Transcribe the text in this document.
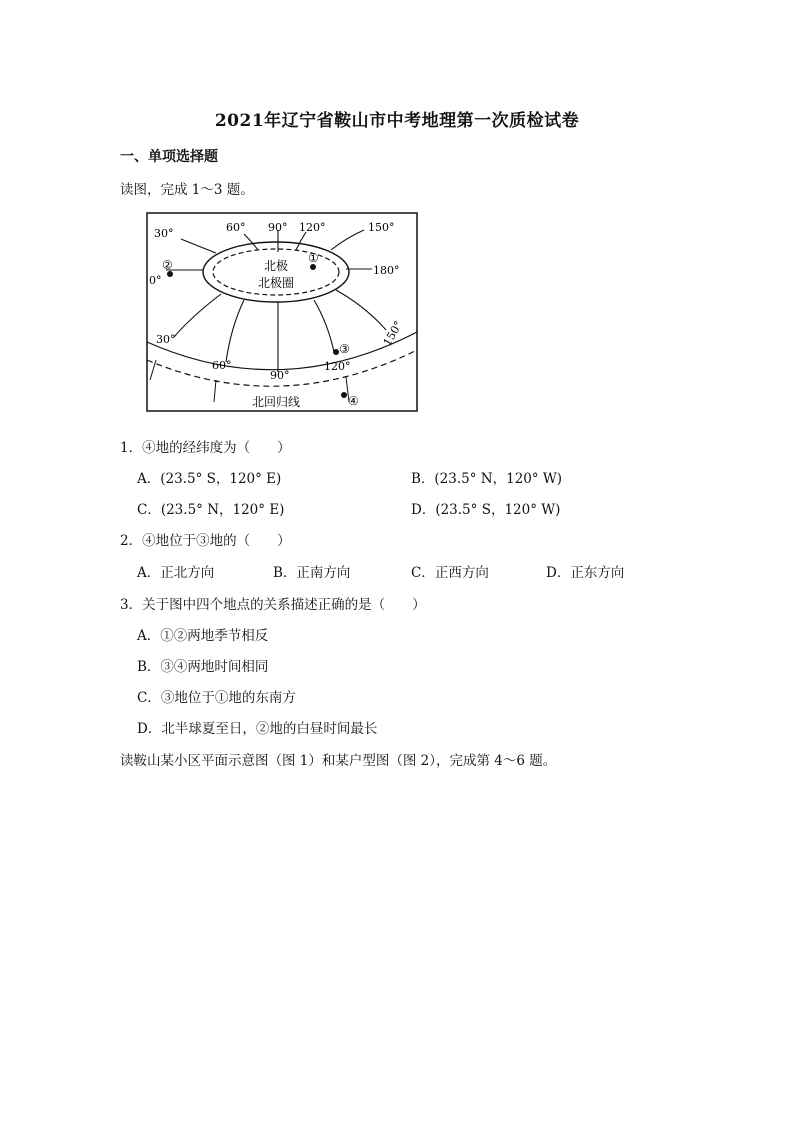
2021年辽宁省鞍山市中考地理第一次质检试卷
一、单项选择题
读图，完成 1～3 题。
北极
北极圈
①
②
③
④
北回归线
30°	60° 90° 120°	150°
0°
180°
30°
60°
90°
120°
150°
1．④地的经纬度为（　　）
A．(23.5° S，120° E)	B．(23.5° N，120° W)
C．(23.5° N，120° E)	D．(23.5° S，120° W)
2．④地位于③地的（　　）
A．正北方向	B．正南方向	C．正西方向	D．正东方向
3．关于图中四个地点的关系描述正确的是（　　）
A．①②两地季节相反
B．③④两地时间相同
C．③地位于①地的东南方
D．北半球夏至日，②地的白昼时间最长
读鞍山某小区平面示意图（图 1）和某户型图（图 2），完成第 4～6 题。
